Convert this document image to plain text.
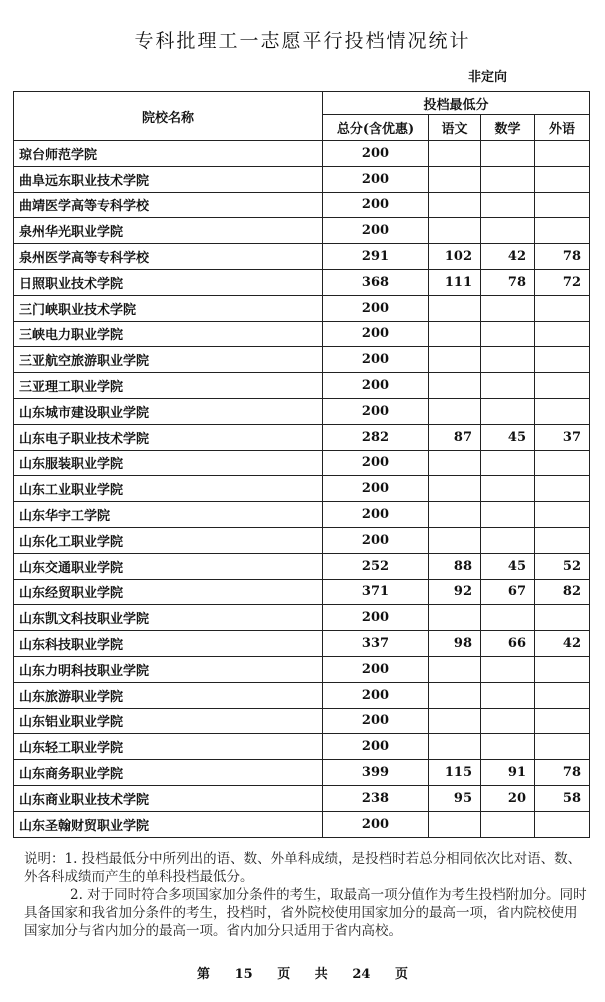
专科批理工一志愿平行投档情况统计
非定向
院校名称	投档最低分			
	总分(含优惠)	语文	数学	外语
琼台师范学院	200			
曲阜远东职业技术学院	200			
曲靖医学高等专科学校	200			
泉州华光职业学院	200			
泉州医学高等专科学校	291	102	42	78
日照职业技术学院	368	111	78	72
三门峡职业技术学院	200			
三峡电力职业学院	200			
三亚航空旅游职业学院	200			
三亚理工职业学院	200			
山东城市建设职业学院	200			
山东电子职业技术学院	282	87	45	37
山东服装职业学院	200			
山东工业职业学院	200			
山东华宇工学院	200			
山东化工职业学院	200			
山东交通职业学院	252	88	45	52
山东经贸职业学院	371	92	67	82
山东凯文科技职业学院	200			
山东科技职业学院	337	98	66	42
山东力明科技职业学院	200			
山东旅游职业学院	200			
山东铝业职业学院	200			
山东轻工职业学院	200			
山东商务职业学院	399	115	91	78
山东商业职业技术学院	238	95	20	58
山东圣翰财贸职业学院	200			

说明：1. 投档最低分中所列出的语、数、外单科成绩，是投档时若总分相同依次比对语、数、外各科成绩而产生的单科投档最低分。

2. 对于同时符合多项国家加分条件的考生，取最高一项分值作为考生投档附加分。同时具备国家和我省加分条件的考生，投档时，省外院校使用国家加分的最高一项，省内院校使用国家加分与省内加分的最高一项。省内加分只适用于省内高校。

第 15 页 共 24 页
